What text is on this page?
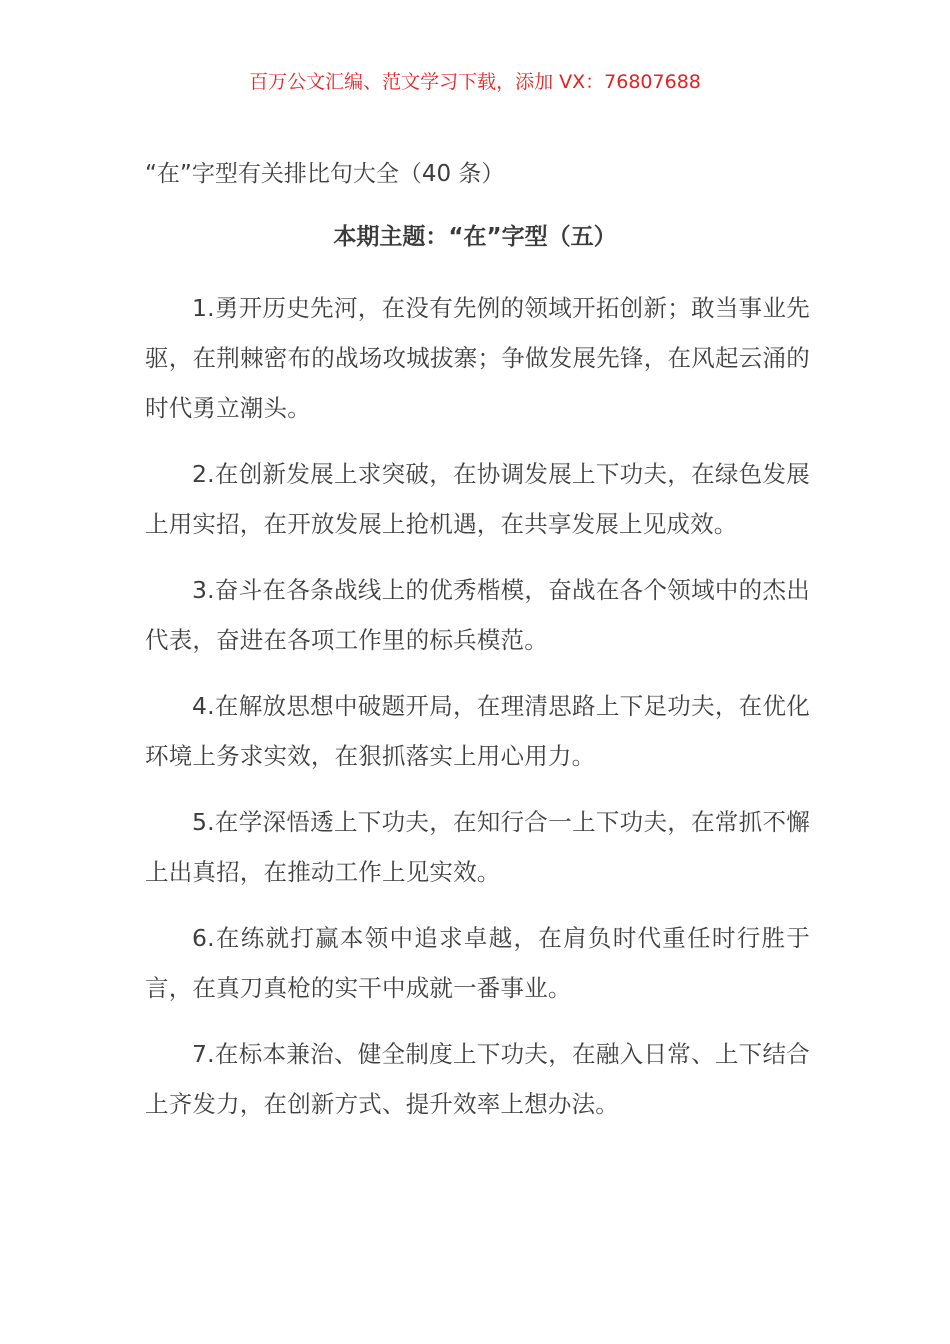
百万公文汇编、范文学习下载，添加 VX：76807688
“在”字型有关排比句大全（40 条）
本期主题：“在”字型（五）

1.勇开历史先河，在没有先例的领域开拓创新；敢当事业先驱，在荆棘密布的战场攻城拔寨；争做发展先锋，在风起云涌的时代勇立潮头。

2.在创新发展上求突破，在协调发展上下功夫，在绿色发展上用实招，在开放发展上抢机遇，在共享发展上见成效。

3.奋斗在各条战线上的优秀楷模，奋战在各个领域中的杰出代表，奋进在各项工作里的标兵模范。

4.在解放思想中破题开局，在理清思路上下足功夫，在优化环境上务求实效，在狠抓落实上用心用力。

5.在学深悟透上下功夫，在知行合一上下功夫，在常抓不懈上出真招，在推动工作上见实效。

6.在练就打赢本领中追求卓越，在肩负时代重任时行胜于言，在真刀真枪的实干中成就一番事业。

7.在标本兼治、健全制度上下功夫，在融入日常、上下结合上齐发力，在创新方式、提升效率上想办法。
